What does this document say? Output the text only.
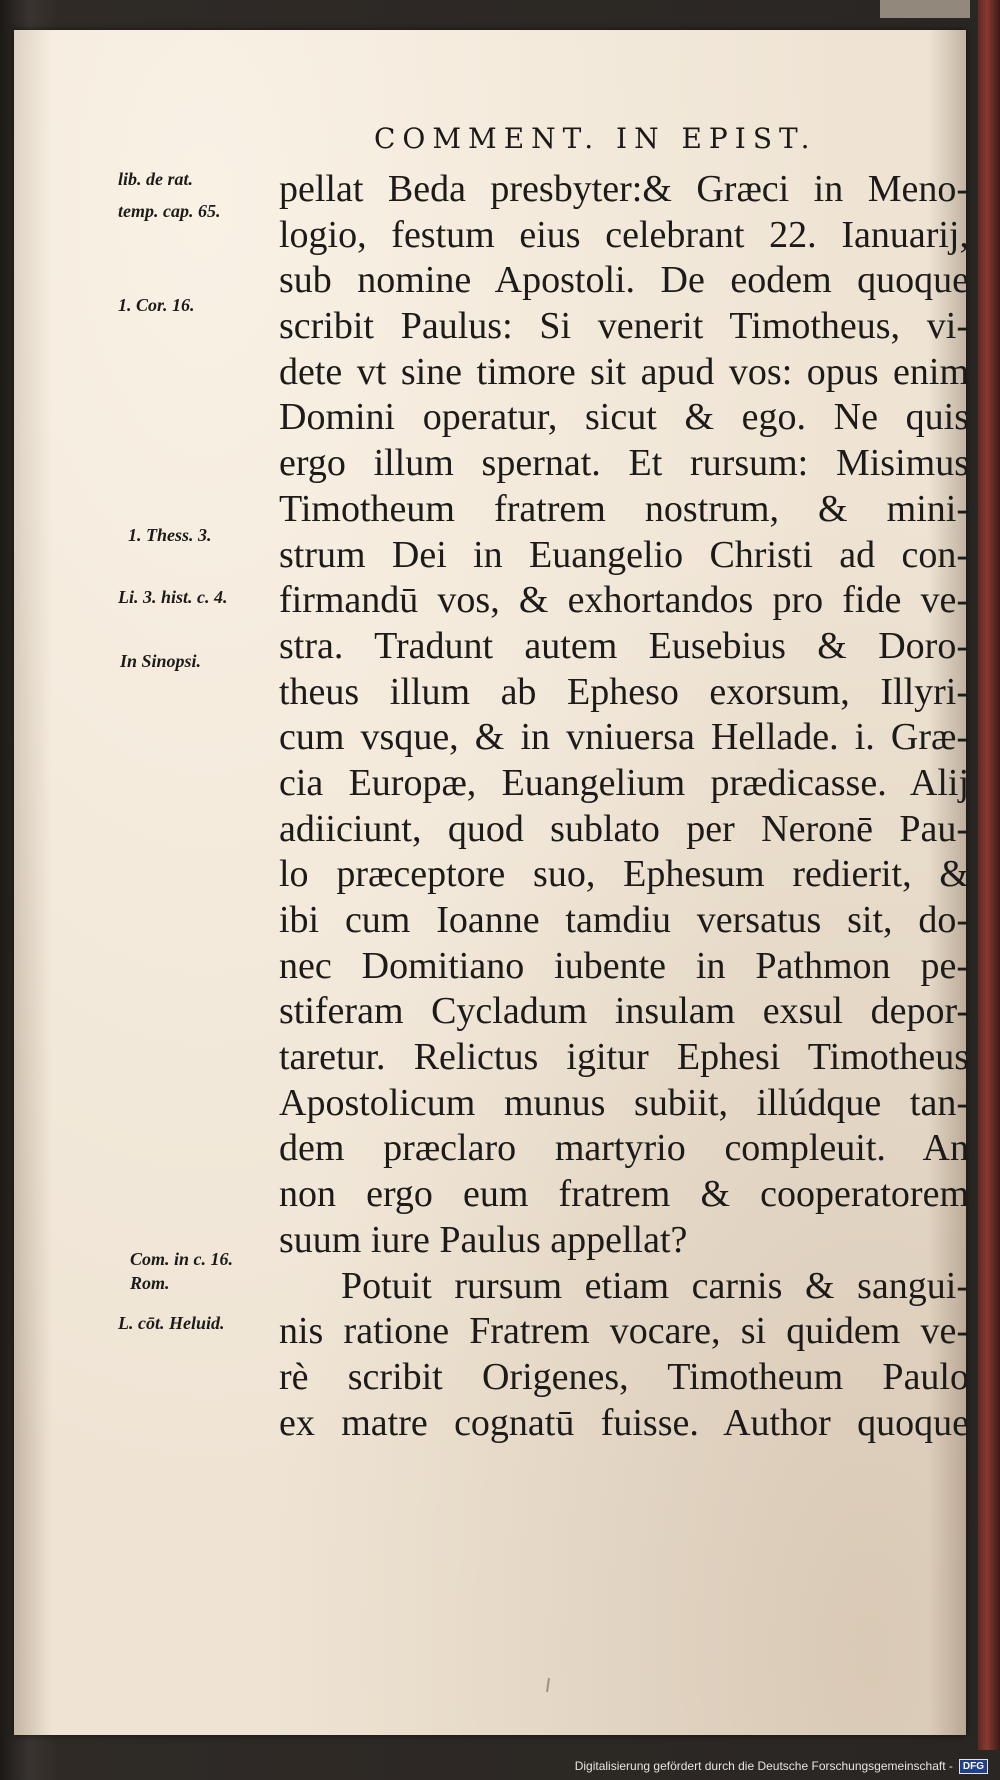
COMMENT. IN EPIST.
lib. de rat.
temp. cap. 65.
1. Cor. 16.
1. Thess. 3.
Li. 3. hist. c. 4.
In Sinopsi.
Com. in c. 16.
Rom.
L. cōt. Heluid.
pellat Beda presbyter:& Græci in Meno-
logio, festum eius celebrant 22. Ianuarij,
sub nomine Apostoli. De eodem quoque
scribit Paulus: Si venerit Timotheus, vi-
dete vt sine timore sit apud vos: opus enim
Domini operatur, sicut & ego. Ne quis
ergo illum spernat. Et rursum: Misimus
Timotheum fratrem nostrum, & mini-
strum Dei in Euangelio Christi ad con-
firmandū vos, & exhortandos pro fide ve-
stra. Tradunt autem Eusebius & Doro-
theus illum ab Epheso exorsum, Illyri-
cum vsque, & in vniuersa Hellade. i. Græ-
cia Europæ, Euangelium prædicasse. Alij
adiiciunt, quod sublato per Neronē Pau-
lo præceptore suo, Ephesum redierit, &
ibi cum Ioanne tamdiu versatus sit, do-
nec Domitiano iubente in Pathmon pe-
stiferam Cycladum insulam exsul depor-
taretur. Relictus igitur Ephesi Timotheus
Apostolicum munus subiit, illúdque tan-
dem præclaro martyrio compleuit. An
non ergo eum fratrem & cooperatorem
suum iure Paulus appellat?
Potuit rursum etiam carnis & sangui-
nis ratione Fratrem vocare, si quidem ve-
rè scribit Origenes, Timotheum Paulo
ex matre cognatū fuisse. Author quoque
Digitalisierung gefördert durch die Deutsche Forschungsgemeinschaft -	DFG
